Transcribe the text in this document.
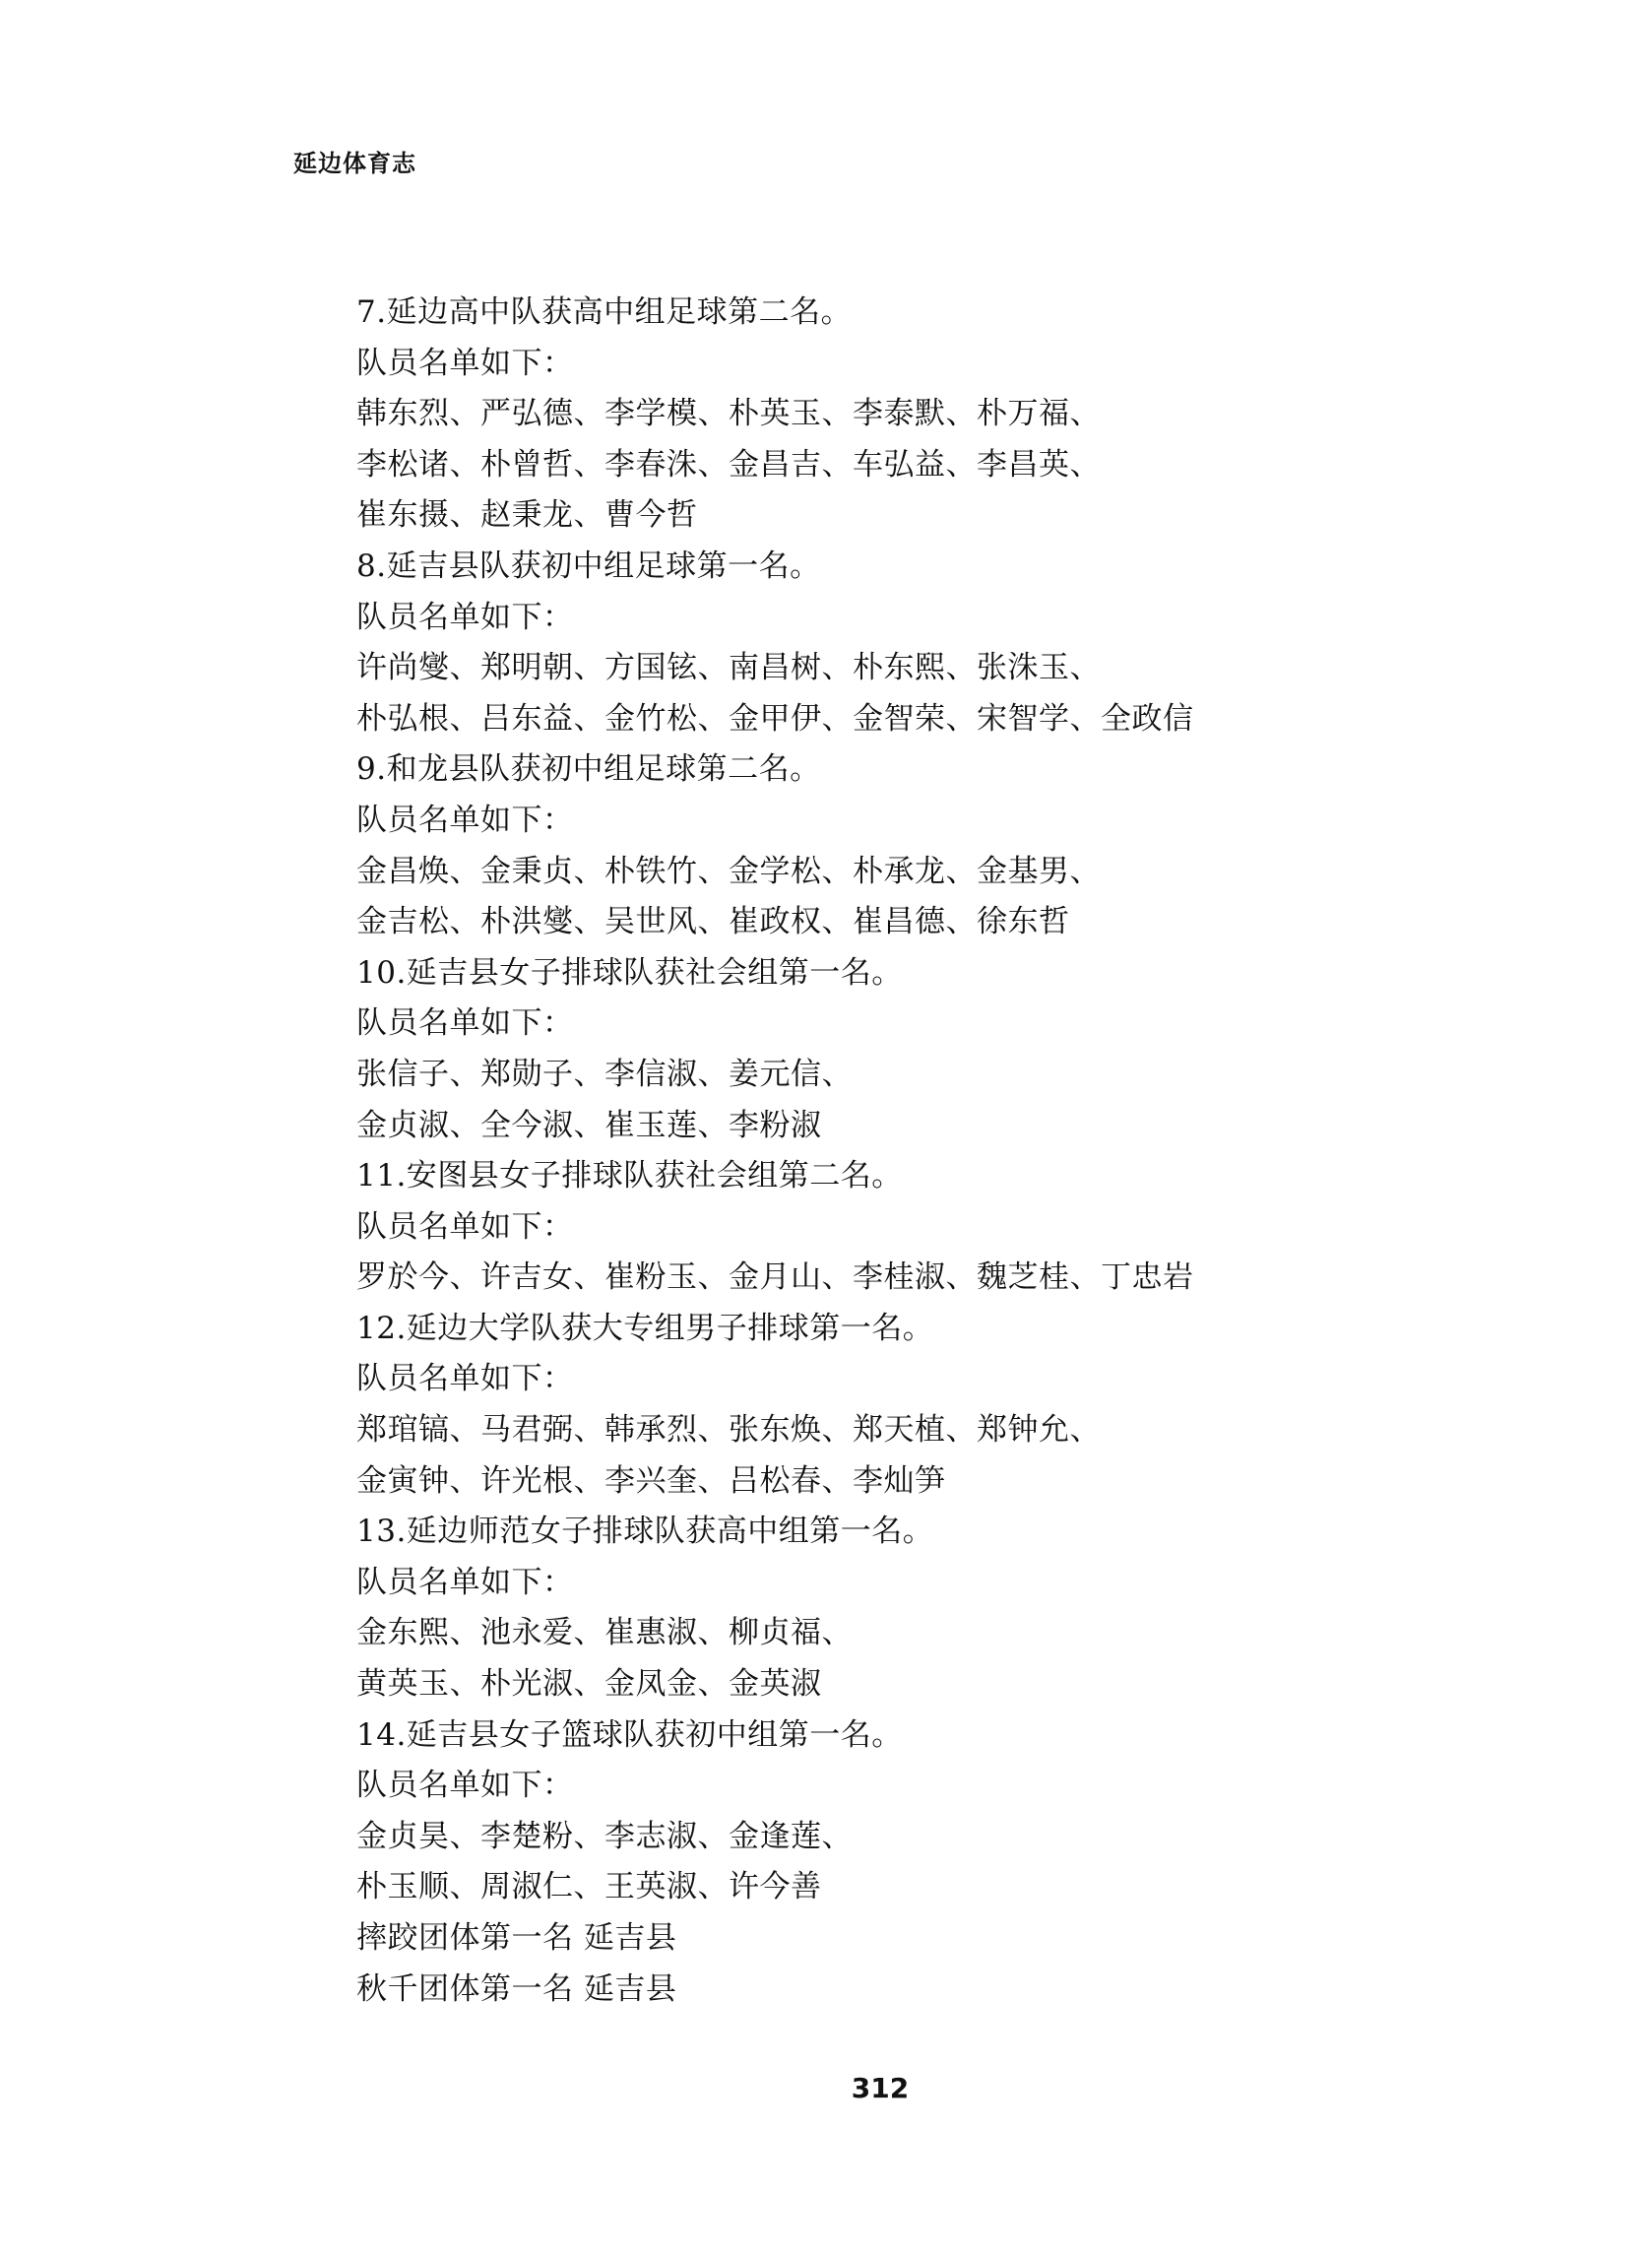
延边体育志
7.延边高中队获高中组足球第二名。
队员名单如下：
韩东烈、严弘德、李学模、朴英玉、李泰默、朴万福、
李松诸、朴曾哲、李春洙、金昌吉、车弘益、李昌英、
崔东摄、赵秉龙、曹今哲
8.延吉县队获初中组足球第一名。
队员名单如下：
许尚燮、郑明朝、方国铉、南昌树、朴东熙、张洙玉、
朴弘根、吕东益、金竹松、金甲伊、金智荣、宋智学、全政信
9.和龙县队获初中组足球第二名。
队员名单如下：
金昌焕、金秉贞、朴铁竹、金学松、朴承龙、金基男、
金吉松、朴洪燮、吴世风、崔政权、崔昌德、徐东哲
10.延吉县女子排球队获社会组第一名。
队员名单如下：
张信子、郑勋子、李信淑、姜元信、
金贞淑、全今淑、崔玉莲、李粉淑
11.安图县女子排球队获社会组第二名。
队员名单如下：
罗於今、许吉女、崔粉玉、金月山、李桂淑、魏芝桂、丁忠岩
12.延边大学队获大专组男子排球第一名。
队员名单如下：
郑琯镐、马君弼、韩承烈、张东焕、郑天植、郑钟允、
金寅钟、许光根、李兴奎、吕松春、李灿笋
13.延边师范女子排球队获高中组第一名。
队员名单如下：
金东熙、池永爱、崔惠淑、柳贞福、
黄英玉、朴光淑、金凤金、金英淑
14.延吉县女子篮球队获初中组第一名。
队员名单如下：
金贞昊、李楚粉、李志淑、金逢莲、
朴玉顺、周淑仁、王英淑、许今善
摔跤团体第一名 延吉县
秋千团体第一名 延吉县
312
